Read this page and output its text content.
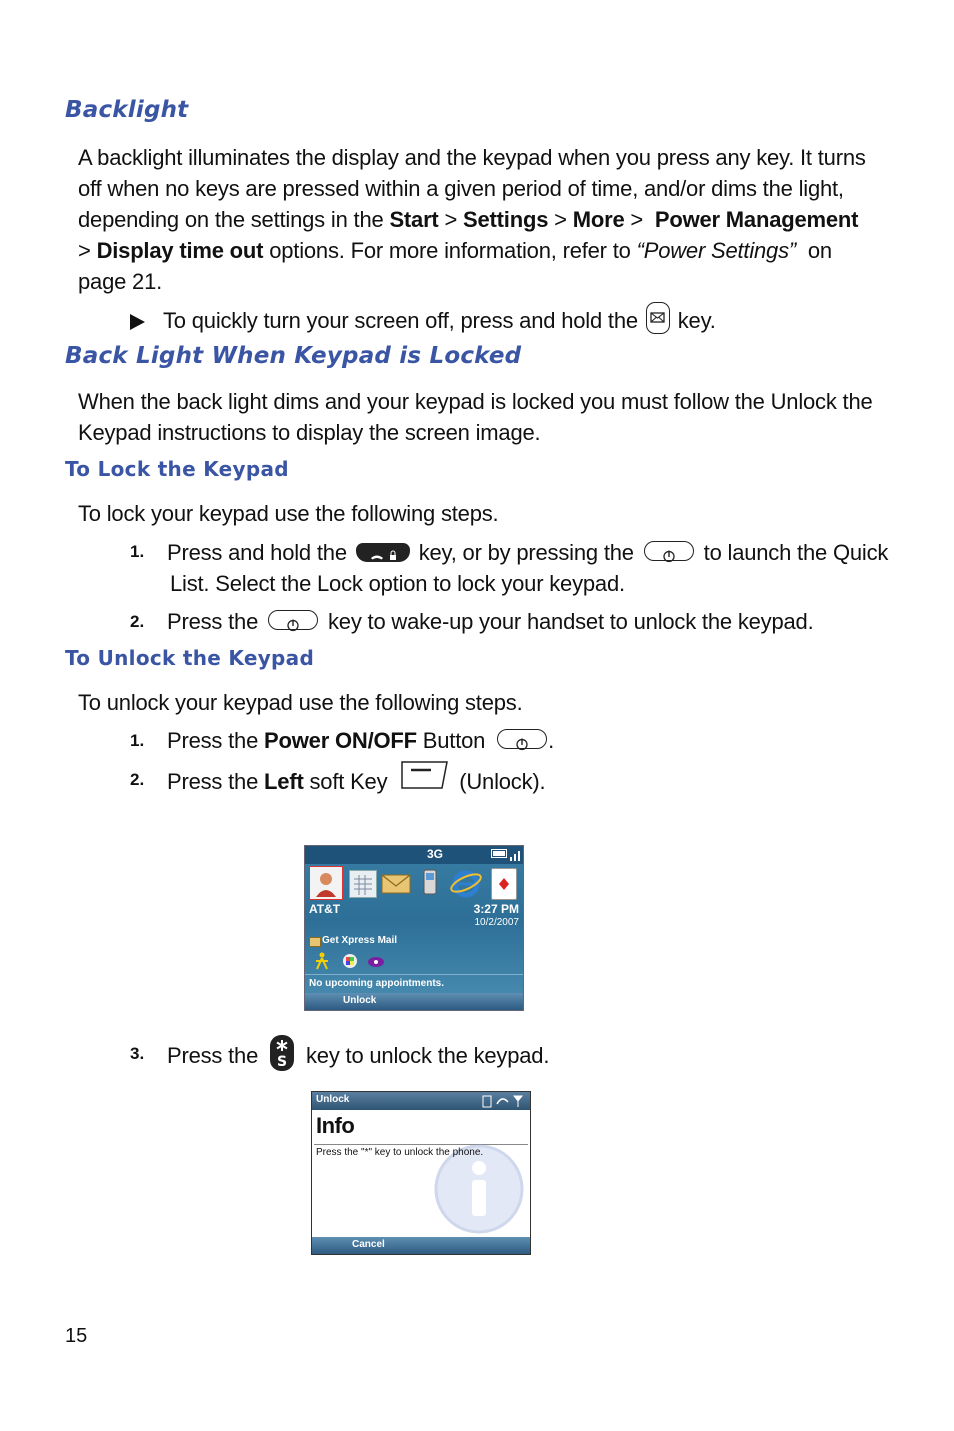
Backlight
A backlight illuminates the display and the keypad when you press any key. It turns
off when no keys are pressed within a given period of time, and/or dims the light,
depending on the settings in the Start > Settings > More >  Power Management
> Display time out options. For more information, refer to “Power Settings”  on
page 21.
To quickly turn your screen off, press and hold the key.
Back Light When Keypad is Locked
When the back light dims and your keypad is locked you must follow the Unlock the
Keypad instructions to display the screen image.
To Lock the Keypad
To lock your keypad use the following steps.
1. Press and hold the	key, or by pressing the	to launch the Quick
List. Select the Lock option to lock your keypad.
2. Press the	key to wake-up your handset to unlock the keypad.
To Unlock the Keypad
To unlock your keypad use the following steps.
1. Press the Power ON/OFF Button	.
2. Press the Left soft Key	(Unlock).
3G
AT&T	3:27 PM
10/2/2007
Get Xpress Mail
No upcoming appointments.
Unlock
3. Press the S key to unlock the keypad.
Unlock
Info
Press the "*" key to unlock the phone.
Cancel
15
